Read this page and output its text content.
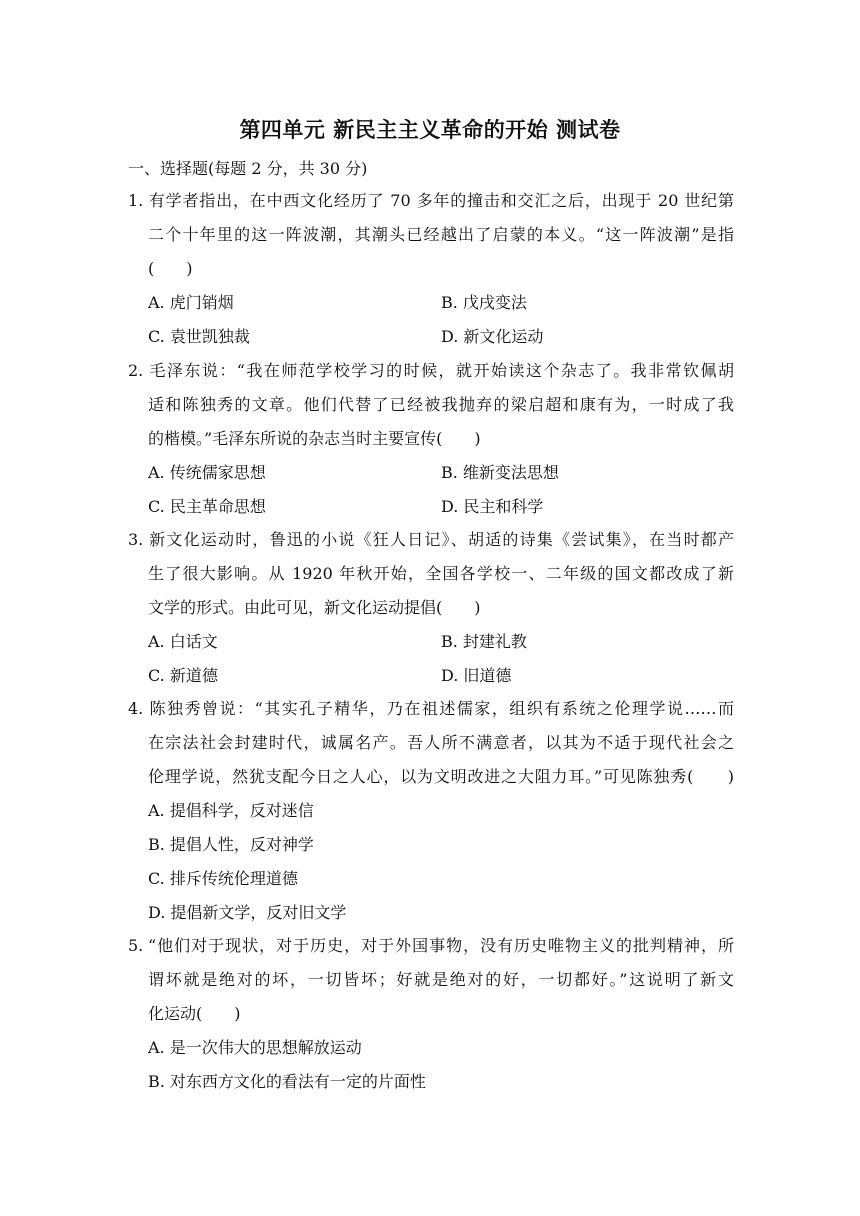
第四单元 新民主主义革命的开始 测试卷
一、选择题(每题 2 分，共 30 分)
1. 有学者指出，在中西文化经历了 70 多年的撞击和交汇之后，出现于 20 世纪第
二个十年里的这一阵波潮，其潮头已经越出了启蒙的本义。“这一阵波潮”是指
(　　)
A. 虎门销烟	B. 戊戌变法
C. 袁世凯独裁	D. 新文化运动
2. 毛泽东说：“我在师范学校学习的时候，就开始读这个杂志了。我非常钦佩胡
适和陈独秀的文章。他们代替了已经被我抛弃的梁启超和康有为，一时成了我
的楷模。”毛泽东所说的杂志当时主要宣传(　　)
A. 传统儒家思想	B. 维新变法思想
C. 民主革命思想	D. 民主和科学
3. 新文化运动时，鲁迅的小说《狂人日记》、胡适的诗集《尝试集》，在当时都产
生了很大影响。从 1920 年秋开始，全国各学校一、二年级的国文都改成了新
文学的形式。由此可见，新文化运动提倡(　　)
A. 白话文	B. 封建礼教
C. 新道德	D. 旧道德
4. 陈独秀曾说：“其实孔子精华，乃在祖述儒家，组织有系统之伦理学说……而
在宗法社会封建时代，诚属名产。吾人所不满意者，以其为不适于现代社会之
伦理学说，然犹支配今日之人心，以为文明改进之大阻力耳。”可见陈独秀(　　)
A. 提倡科学，反对迷信
B. 提倡人性，反对神学
C. 排斥传统伦理道德
D. 提倡新文学，反对旧文学
5. “他们对于现状，对于历史，对于外国事物，没有历史唯物主义的批判精神，所
谓坏就是绝对的坏，一切皆坏；好就是绝对的好，一切都好。”这说明了新文
化运动(　　)
A. 是一次伟大的思想解放运动
B. 对东西方文化的看法有一定的片面性
